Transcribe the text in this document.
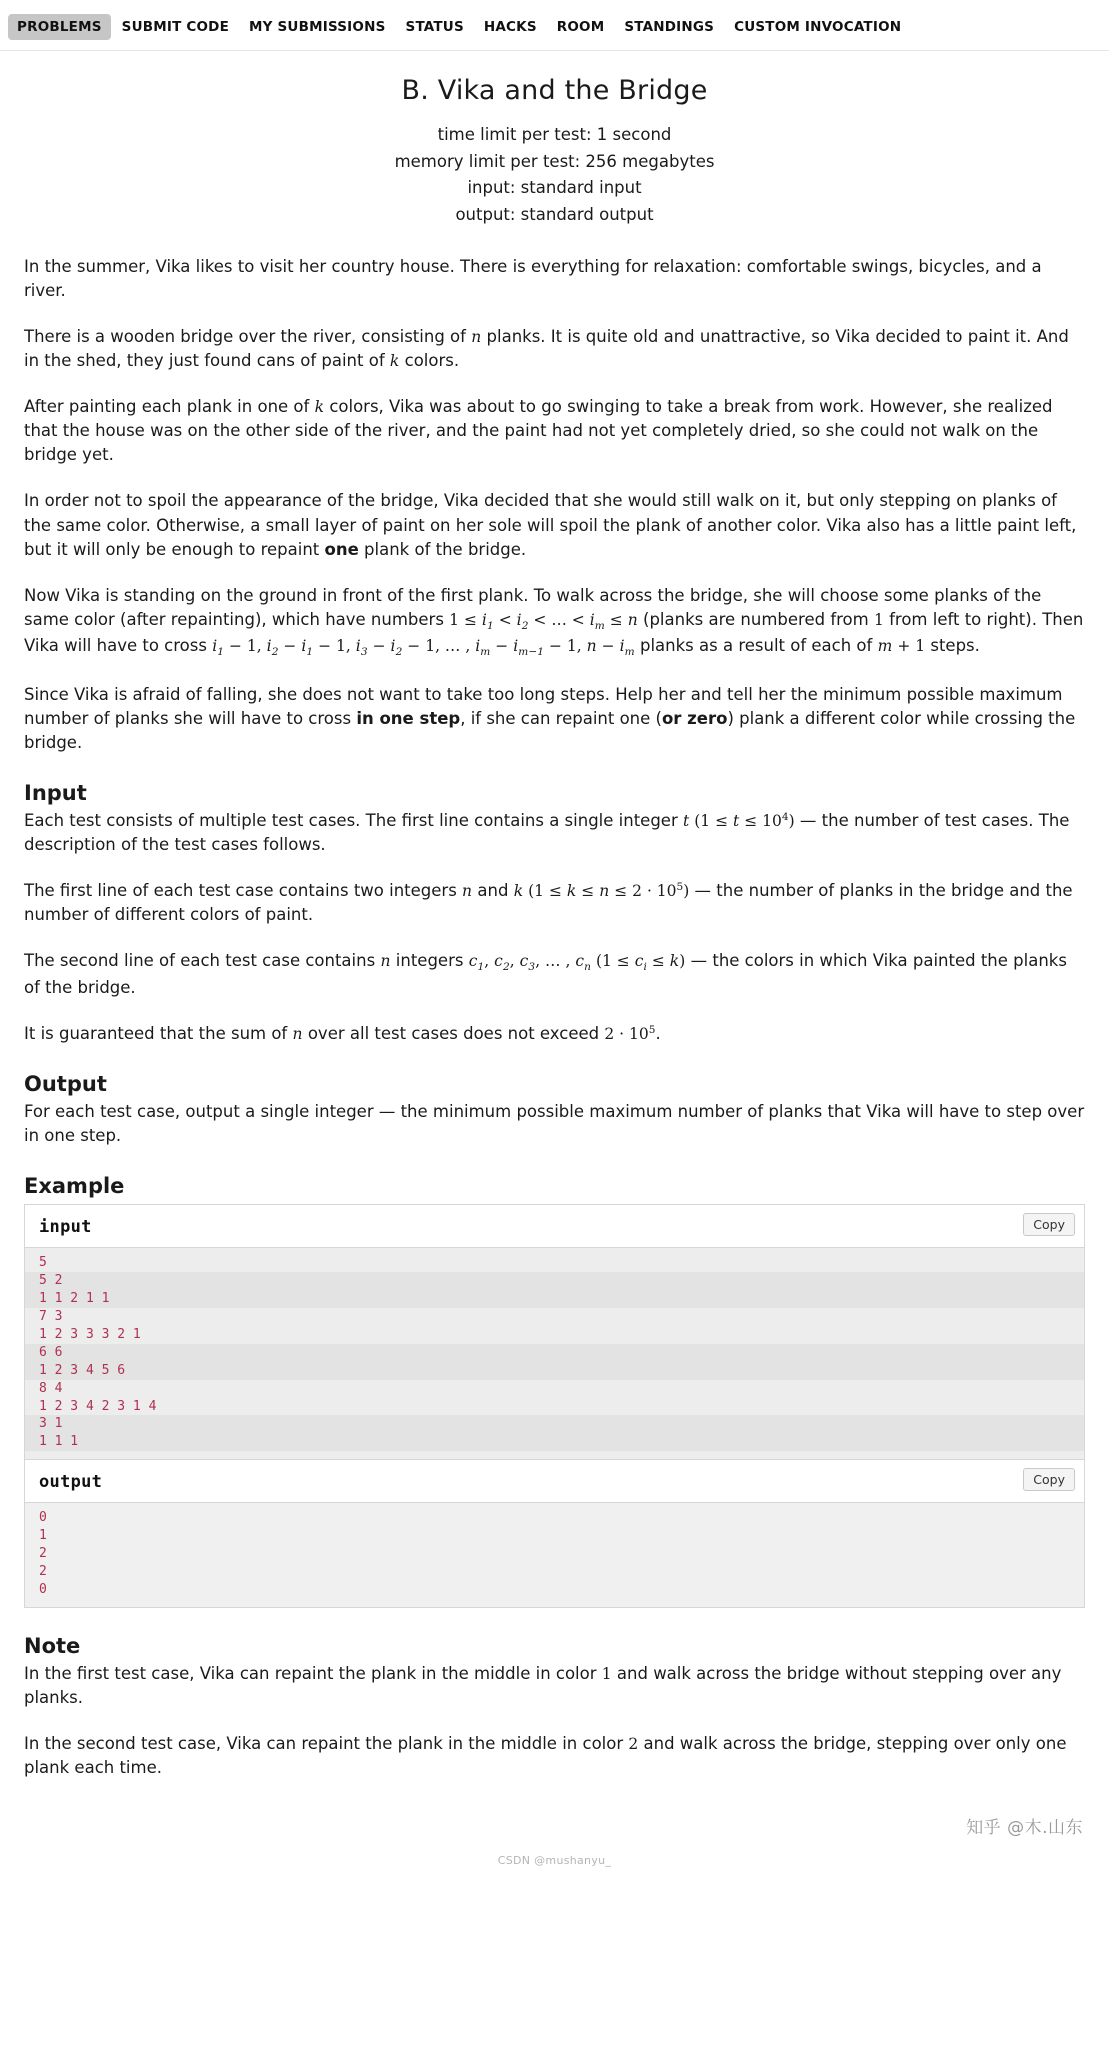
PROBLEMS SUBMIT CODE MY SUBMISSIONS STATUS HACKS ROOM STANDINGS CUSTOM INVOCATION
B. Vika and the Bridge
time limit per test: 1 second
memory limit per test: 256 megabytes
input: standard input
output: standard output

In the summer, Vika likes to visit her country house. There is everything for relaxation: comfortable swings, bicycles, and a river.

There is a wooden bridge over the river, consisting of n planks. It is quite old and unattractive, so Vika decided to paint it. And in the shed, they just found cans of paint of k colors.

After painting each plank in one of k colors, Vika was about to go swinging to take a break from work. However, she realized that the house was on the other side of the river, and the paint had not yet completely dried, so she could not walk on the bridge yet.

In order not to spoil the appearance of the bridge, Vika decided that she would still walk on it, but only stepping on planks of the same color. Otherwise, a small layer of paint on her sole will spoil the plank of another color. Vika also has a little paint left, but it will only be enough to repaint one plank of the bridge.

Now Vika is standing on the ground in front of the first plank. To walk across the bridge, she will choose some planks of the same color (after repainting), which have numbers $1 \le i_1 < i_2$ < … < $i_m \le n$ (planks are numbered from 1 from left to right). Then Vika will have to cross $i_1 - 1$, $i_2 - i_1 - 1$, $i_3 - i_2 - 1$, … , $i_m - i_{m-1} - 1$, $n - i_m$ planks as a result of each of m + 1 steps.

Since Vika is afraid of falling, she does not want to take too long steps. Help her and tell her the minimum possible maximum number of planks she will have to cross in one step, if she can repaint one (or zero) plank a different color while crossing the bridge.

Input

Each test consists of multiple test cases. The first line contains a single integer t $(1 \le t \le 10^4)$ — the number of test cases. The description of the test cases follows.

The first line of each test case contains two integers n and k $(1 \le k \le n \le 2 \cdot 10^5)$ — the number of planks in the bridge and the number of different colors of paint.

The second line of each test case contains n integers $c_1$, $c_2$, $c_3$, … , $c_n$ $(1 \le c_i \le k)$ — the colors in which Vika painted the planks of the bridge.

It is guaranteed that the sum of n over all test cases does not exceed $2 \cdot 10^5$.

Output

For each test case, output a single integer — the minimum possible maximum number of planks that Vika will have to step over in one step.

Example
input	Copy
5
5 2
1 1 2 1 1
7 3
1 2 3 3 3 2 1
6 6
1 2 3 4 5 6
8 4
1 2 3 4 2 3 1 4
3 1
1 1 1
output	Copy
0
1
2
2
0
Note

In the first test case, Vika can repaint the plank in the middle in color 1 and walk across the bridge without stepping over any planks.

In the second test case, Vika can repaint the plank in the middle in color 2 and walk across the bridge, stepping over only one plank each time.

知乎 @木.山东
CSDN @mushanyu_
